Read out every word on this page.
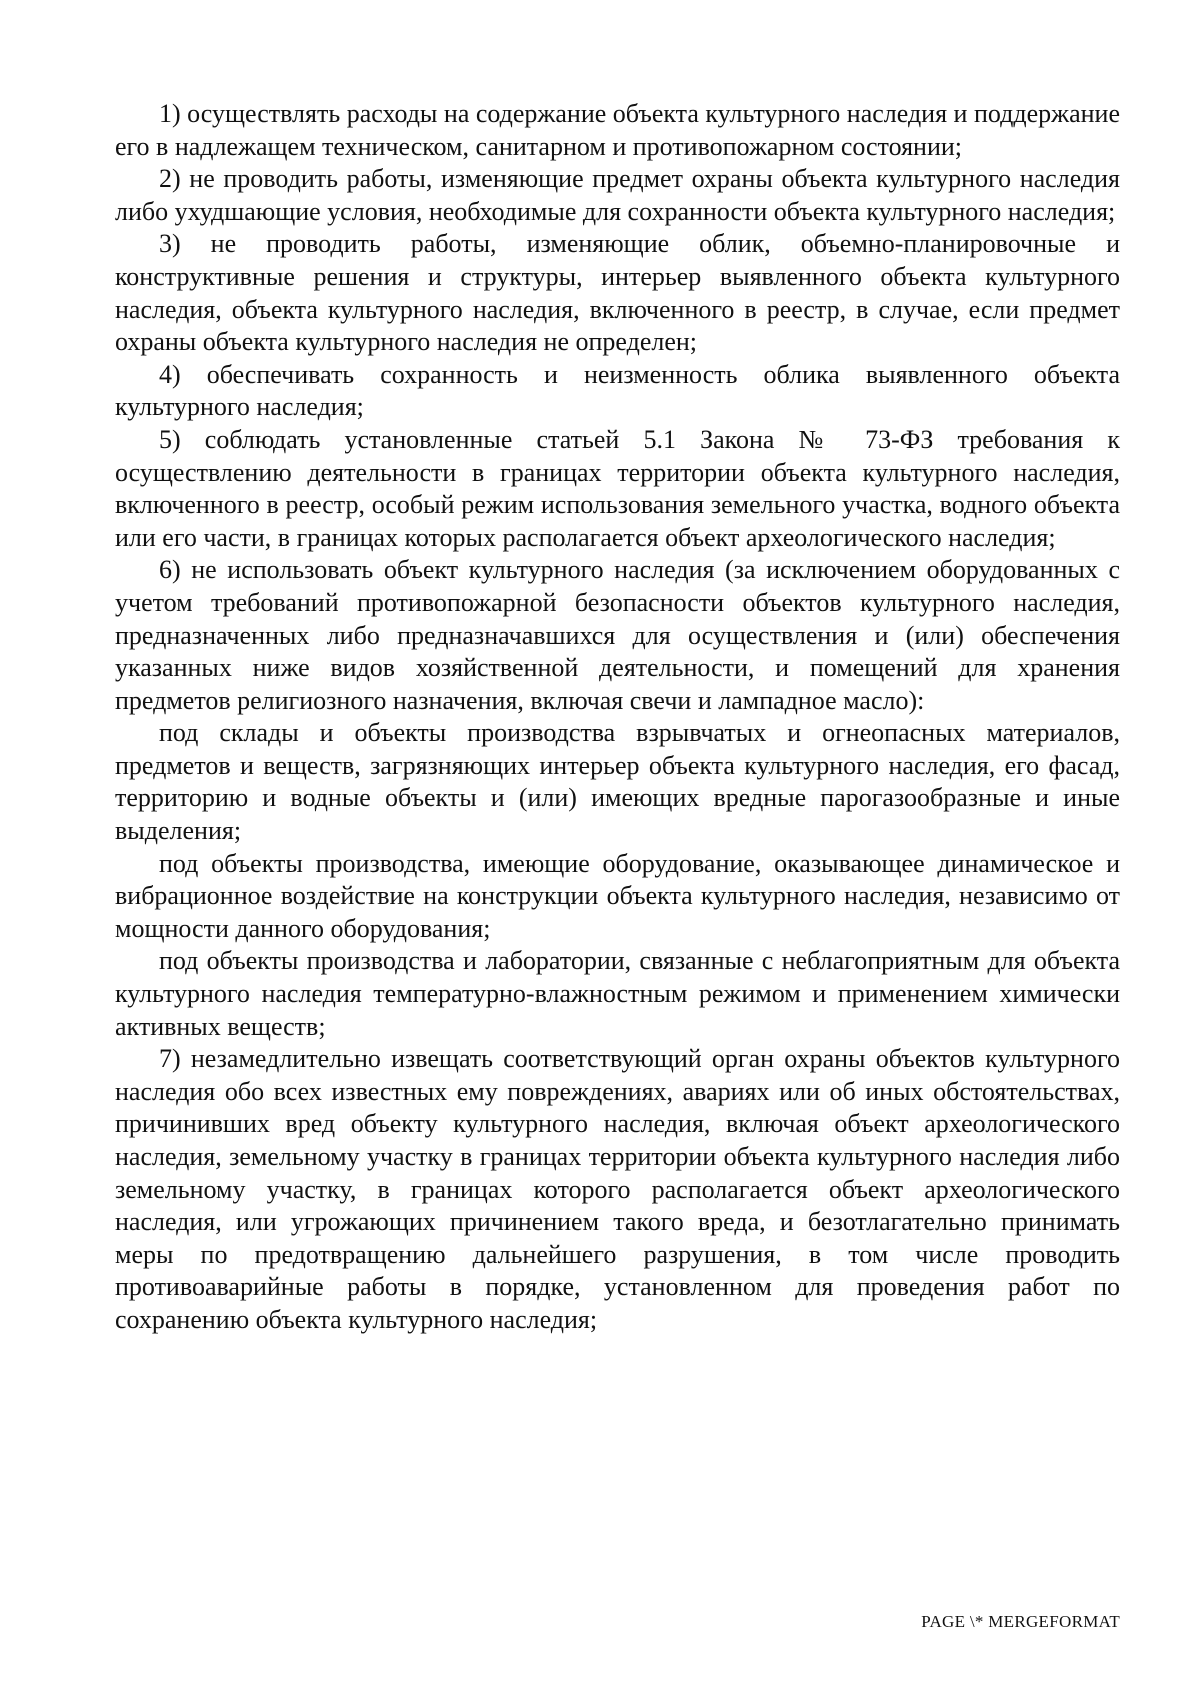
1) осуществлять расходы на содержание объекта культурного наследия и поддержание его в надлежащем техническом, санитарном и противопожарном состоянии;

2) не проводить работы, изменяющие предмет охраны объекта культурного наследия либо ухудшающие условия, необходимые для сохранности объекта культурного наследия;

3) не проводить работы, изменяющие облик, объемно-планировочные и конструктивные решения и структуры, интерьер выявленного объекта культурного наследия, объекта культурного наследия, включенного в реестр, в случае, если предмет охраны объекта культурного наследия не определен;

4) обеспечивать сохранность и неизменность облика выявленного объекта культурного наследия;

5) соблюдать установленные статьей 5.1 Закона № 73-ФЗ требования к осуществлению деятельности в границах территории объекта культурного наследия, включенного в реестр, особый режим использования земельного участка, водного объекта или его части, в границах которых располагается объект археологического наследия;

6) не использовать объект культурного наследия (за исключением оборудованных с учетом требований противопожарной безопасности объектов культурного наследия, предназначенных либо предназначавшихся для осуществления и (или) обеспечения указанных ниже видов хозяйственной деятельности, и помещений для хранения предметов религиозного назначения, включая свечи и лампадное масло):

под склады и объекты производства взрывчатых и огнеопасных материалов, предметов и веществ, загрязняющих интерьер объекта культурного наследия, его фасад, территорию и водные объекты и (или) имеющих вредные парогазообразные и иные выделения;

под объекты производства, имеющие оборудование, оказывающее динамическое и вибрационное воздействие на конструкции объекта культурного наследия, независимо от мощности данного оборудования;

под объекты производства и лаборатории, связанные с неблагоприятным для объекта культурного наследия температурно-влажностным режимом и применением химически активных веществ;

7) незамедлительно извещать соответствующий орган охраны объектов культурного наследия обо всех известных ему повреждениях, авариях или об иных обстоятельствах, причинивших вред объекту культурного наследия, включая объект археологического наследия, земельному участку в границах территории объекта культурного наследия либо земельному участку, в границах которого располагается объект археологического наследия, или угрожающих причинением такого вреда, и безотлагательно принимать меры по предотвращению дальнейшего разрушения, в том числе проводить противоаварийные работы в порядке, установленном для проведения работ по сохранению объекта культурного наследия;

PAGE \* MERGEFORMAT
